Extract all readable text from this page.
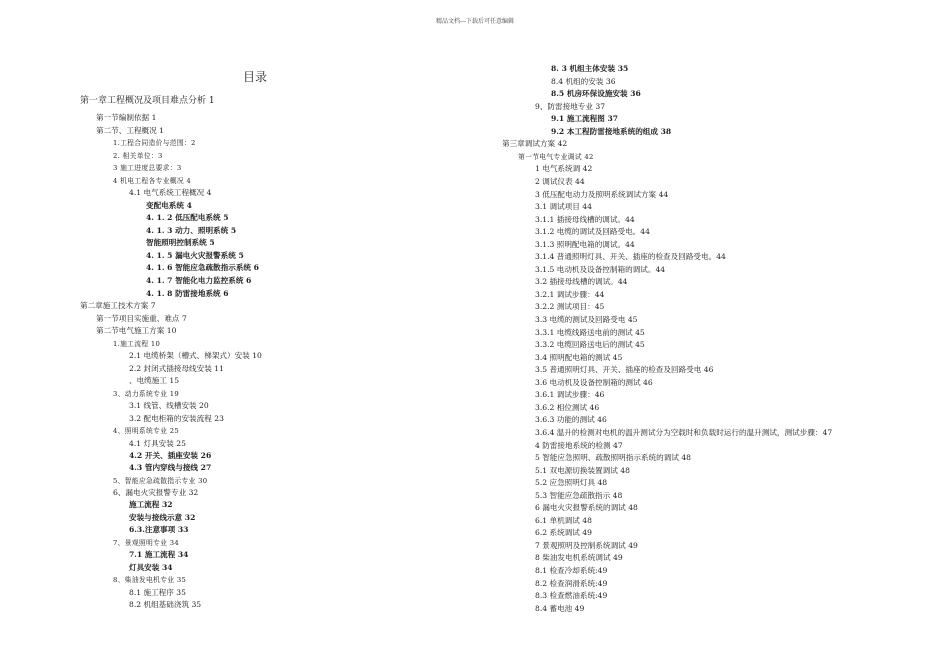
精品文档---下载后可任意编辑
目录
第一章工程概况及项目难点分析 1
第一节编制依据 1
第二节、工程概况 1
1.工程合同造价与范围：2
2. 相关单位：3
3 施工进度总要求：3
4 机电工程各专业概况 4
4.1 电气系统工程概况 4
变配电系统 4
4. 1. 2 低压配电系统 5
4. 1. 3 动力、照明系统 5
智能照明控制系统 5
4. 1. 5 漏电火灾报警系统 5
4. 1. 6 智能应急疏散指示系统 6
4. 1. 7 智能化电力监控系统 6
4. 1. 8 防雷接地系统 6
第二章施工技术方案 7
第一节项目实施重、难点 7
第二节电气施工方案 10
1.施工流程 10
2.1 电缆桥架（槽式、梯架式）安装 10
2.2 封闭式插接母线安装 11
、电缆施工 15
3、动力系统专业 19
3.1 线管、线槽安装 20
3.2 配电柜箱的安装流程 23
4、照明系统专业 25
4.1 灯具安装 25
4.2 开关、插座安装 26
4.3 管内穿线与接线 27
5、智能应急疏散指示专业 30
6、漏电火灾报警专业 32
施工流程 32
安装与接线示意 32
6.3.注意事项 33
7、景观照明专业 34
7.1 施工流程 34
灯具安装 34
8、柴油发电机专业 35
8.1 施工程序 35
8.2 机组基础浇筑 35
8. 3 机组主体安装 35
8.4 机组的安装 36
8.5 机房环保设施安装 36
9、防雷接地专业 37
9.1 施工流程图 37
9.2 本工程防雷接地系统的组成 38
第三章调试方案 42
第一节电气专业调试 42
1 电气系统调 42
2 调试仪表 44
3 低压配电动力及照明系统调试方案 44
3.1 调试项目 44
3.1.1 插接母线槽的调试。44
3.1.2 电缆的调试及回路受电。44
3.1.3 照明配电箱的调试。44
3.1.4 普通照明灯具、开关、插座的检查及回路受电。44
3.1.5 电动机及设备控制箱的调试。44
3.2 插接母线槽的调试。44
3.2.1 调试步骤：44
3.2.2 测试项目：45
3.3 电缆的测试及回路受电 45
3.3.1 电缆线路送电前的测试 45
3.3.2 电缆回路送电后的测试 45
3.4 照明配电箱的测试 45
3.5 普通照明灯具、开关、插座的检查及回路受电 46
3.6 电动机及设备控制箱的测试 46
3.6.1 调试步骤：46
3.6.2 相位测试 46
3.6.3 功能的测试 46
3.6.4 温升的检测对电机的温升测试分为空载时和负载时运行的温升测试，测试步骤：47
4 防雷接地系统的检测 47
5 智能应急照明、疏散照明指示系统的调试 48
5.1 双电源切换装置调试 48
5.2 应急照明灯具 48
5.3 智能应急疏散指示 48
6 漏电火灾报警系统的调试 48
6.1 单机调试 48
6.2 系统调试 49
7 景观照明及控制系统调试 49
8 柴油发电机系统调试 49
8.1 检查冷却系统:49
8.2 检查润滑系统:49
8.3 检查燃油系统:49
8.4 蓄电池 49
